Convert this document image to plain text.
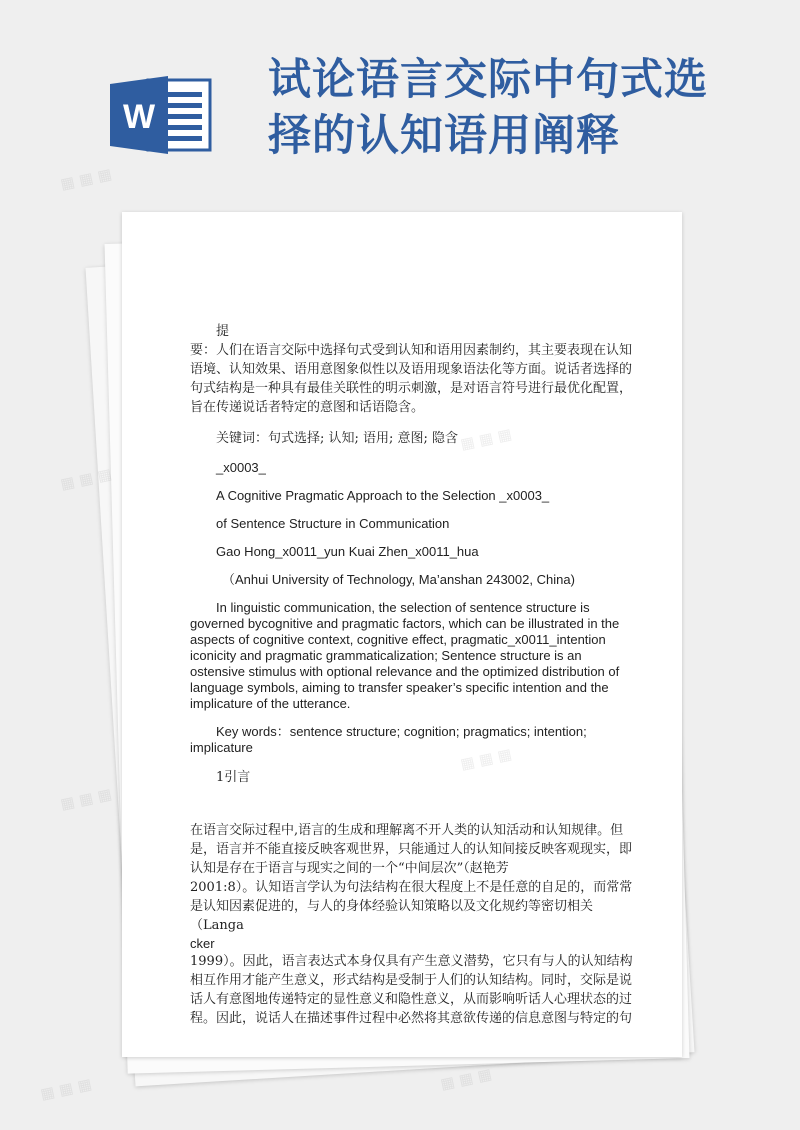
W
试论语言交际中句式选
择的认知语用阐释

提

要：人们在语言交际中选择句式受到认知和语用因素制约，其主要表现在认知语境、认知效果、语用意图象似性以及语用现象语法化等方面。说话者选择的句式结构是一种具有最佳关联性的明示刺激，是对语言符号进行最优化配置，旨在传递说话者特定的意图和话语隐含。

关键词：句式选择; 认知; 语用; 意图; 隐含

_x0003_

A Cognitive Pragmatic Approach to the Selection _x0003_

of Sentence Structure in Communication

Gao Hong_x0011_yun Kuai Zhen_x0011_hua

（Anhui University of Technology, Ma’anshan 243002, China)

In linguistic communication, the selection of sentence structure is governed bycognitive and pragmatic factors, which can be illustrated in the aspects of cognitive context, cognitive effect, pragmatic_x0011_intention iconicity and pragmatic grammaticalization; Sentence structure is an ostensive stimulus with optional relevance and the optimized distribution of language symbols, aiming to transfer speaker’s specific intention and the implicature of the utterance.

Key words：sentence structure; cognition; pragmatics; intention; implicature

1引言

在语言交际过程中,语言的生成和理解离不开人类的认知活动和认知规律。但是，语言并不能直接反映客观世界，只能通过人的认知间接反映客观现实，即认知是存在于语言与现实之间的一个“中间层次”（赵艳芳

2001:8）。认知语言学认为句法结构在很大程度上不是任意的自足的，而常常是认知因素促进的，与人的身体经验认知策略以及文化规约等密切相关（Langa

cker

1999）。因此，语言表达式本身仅具有产生意义潜势，它只有与人的认知结构相互作用才能产生意义，形式结构是受制于人们的认知结构。同时，交际是说话人有意图地传递特定的显性意义和隐性意义，从而影响听话人心理状态的过程。因此，说话人在描述事件过程中必然将其意欲传递的信息意图与特定的句

▦ ▦ ▦
▦ ▦ ▦
▦ ▦ ▦
▦ ▦ ▦
▦ ▦ ▦
